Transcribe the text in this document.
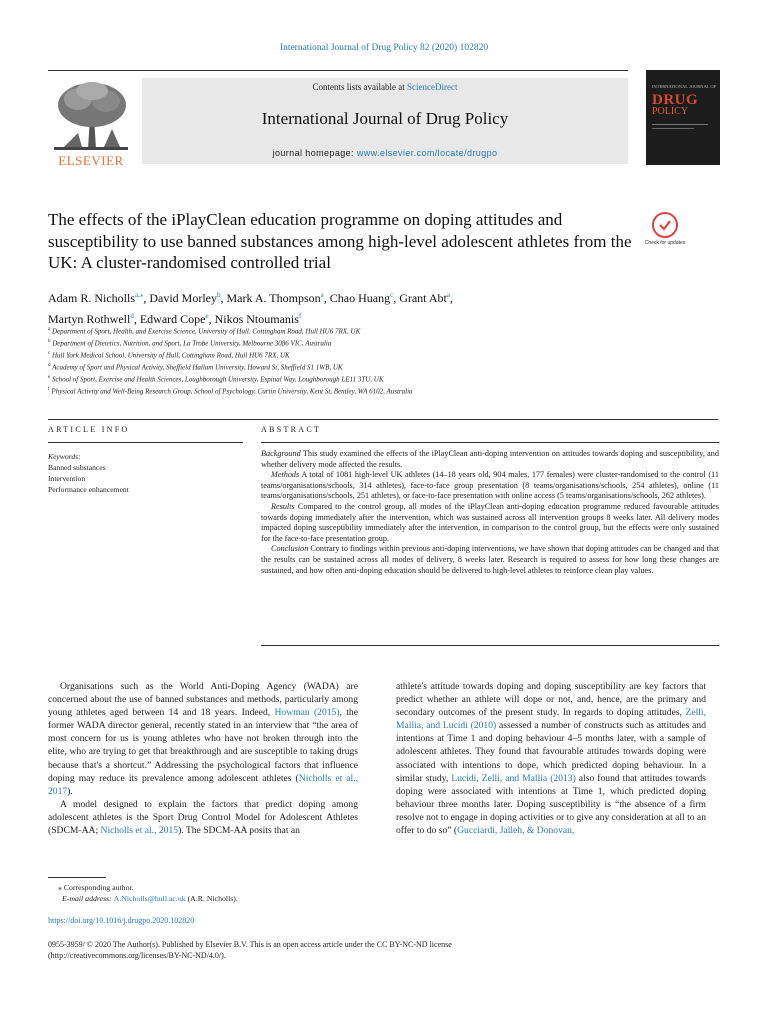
International Journal of Drug Policy 82 (2020) 102820
ELSEVIER
Contents lists available at ScienceDirect
International Journal of Drug Policy
journal homepage: www.elsevier.com/locate/drugpo
INTERNATIONAL JOURNAL OF
DRUG
POLICY
The effects of the iPlayClean education programme on doping attitudes and susceptibility to use banned substances among high-level adolescent athletes from the UK: A cluster-randomised controlled trial
Check for updates
Adam R. Nicholls$^{a,⁎}$, David Morley$^b$, Mark A. Thompson$^a$, Chao Huang$^c$, Grant Abt$^a$,
Martyn Rothwell$^d$, Edward Cope$^e$, Nikos Ntoumanis$^f$
$^a$ Department of Sport, Health, and Exercise Science, University of Hull, Cottingham Road, Hull HU6 7RX, UK
$^b$ Department of Dietetics, Nutrition, and Sport, La Trobe University, Melbourne 3086 VIC, Australia
$^c$ Hull York Medical School, University of Hull, Cottingham Road, Hull HU6 7RX, UK
$^d$ Academy of Sport and Physical Activity, Sheffield Hallam University, Howard St, Sheffield S1 1WB, UK
$^e$ School of Sport, Exercise and Health Sciences, Loughborough University, Espinal Way, Loughborough LE11 3TU, UK
$^f$ Physical Activity and Well-Being Research Group, School of Psychology, Curtin University, Kent St, Bentley, WA 6102, Australia
ARTICLE INFO	ABSTRACT
Keywords:
Banned substances
Intervention
Performance enhancement

Background This study examined the effects of the iPlayClean anti-doping intervention on attitudes towards doping and susceptibility, and whether delivery mode affected the results.

Methods A total of 1081 high-level UK athletes (14–18 years old, 904 males, 177 females) were cluster-randomised to the control (11 teams/organisations/schools, 314 athletes), face-to-face group presentation (8 teams/organisations/schools, 254 athletes), online (11 teams/organisations/schools, 251 athletes), or face-to-face presentation with online access (5 teams/organisations/schools, 262 athletes).

Results Compared to the control group, all modes of the iPlayClean anti-doping education programme reduced favourable attitudes towards doping immediately after the intervention, which was sustained across all intervention groups 8 weeks later. All delivery modes impacted doping susceptibility immediately after the intervention, in comparison to the control group, but the effects were only sustained for the face-to-face presentation group.

Conclusion Contrary to findings within previous anti-doping interventions, we have shown that doping attitudes can be changed and that the results can be sustained across all modes of delivery, 8 weeks later. Research is required to assess for how long these changes are sustained, and how often anti-doping education should be delivered to high-level athletes to reinforce clean play values.

Organisations such as the World Anti-Doping Agency (WADA) are concerned about the use of banned substances and methods, particularly among young athletes aged between 14 and 18 years. Indeed, Howman (2015), the former WADA director general, recently stated in an interview that “the area of most concern for us is young athletes who have not broken through into the elite, who are trying to get that breakthrough and are susceptible to taking drugs because that's a shortcut.” Addressing the psychological factors that influence doping may reduce its prevalence among adolescent athletes (Nicholls et al., 2017).

A model designed to explain the factors that predict doping among adolescent athletes is the Sport Drug Control Model for Adolescent Athletes (SDCM-AA; Nicholls et al., 2015). The SDCM-AA posits that an

athlete's attitude towards doping and doping susceptibility are key factors that predict whether an athlete will dope or not, and, hence, are the primary and secondary outcomes of the present study. In regards to doping attitudes, Zelli, Mallia, and Lucidi (2010) assessed a number of constructs such as attitudes and intentions at Time 1 and doping behaviour 4–5 months later, with a sample of adolescent athletes. They found that favourable attitudes towards doping were associated with intentions to dope, which predicted doping behaviour. In a similar study, Lucidi, Zelli, and Mallia (2013) also found that attitudes towards doping were associated with intentions at Time 1, which predicted doping behaviour three months later. Doping susceptibility is “the absence of a firm resolve not to engage in doping activities or to give any consideration at all to an offer to do so” (Gucciardi, Jalleh, & Donovan,

⁎ Corresponding author.
E-mail address: A.Nicholls@hull.ac.uk (A.R. Nicholls).
https://doi.org/10.1016/j.drugpo.2020.102820
0955-3959/ © 2020 The Author(s). Published by Elsevier B.V. This is an open access article under the CC BY-NC-ND license
(http://creativecommons.org/licenses/BY-NC-ND/4.0/).
